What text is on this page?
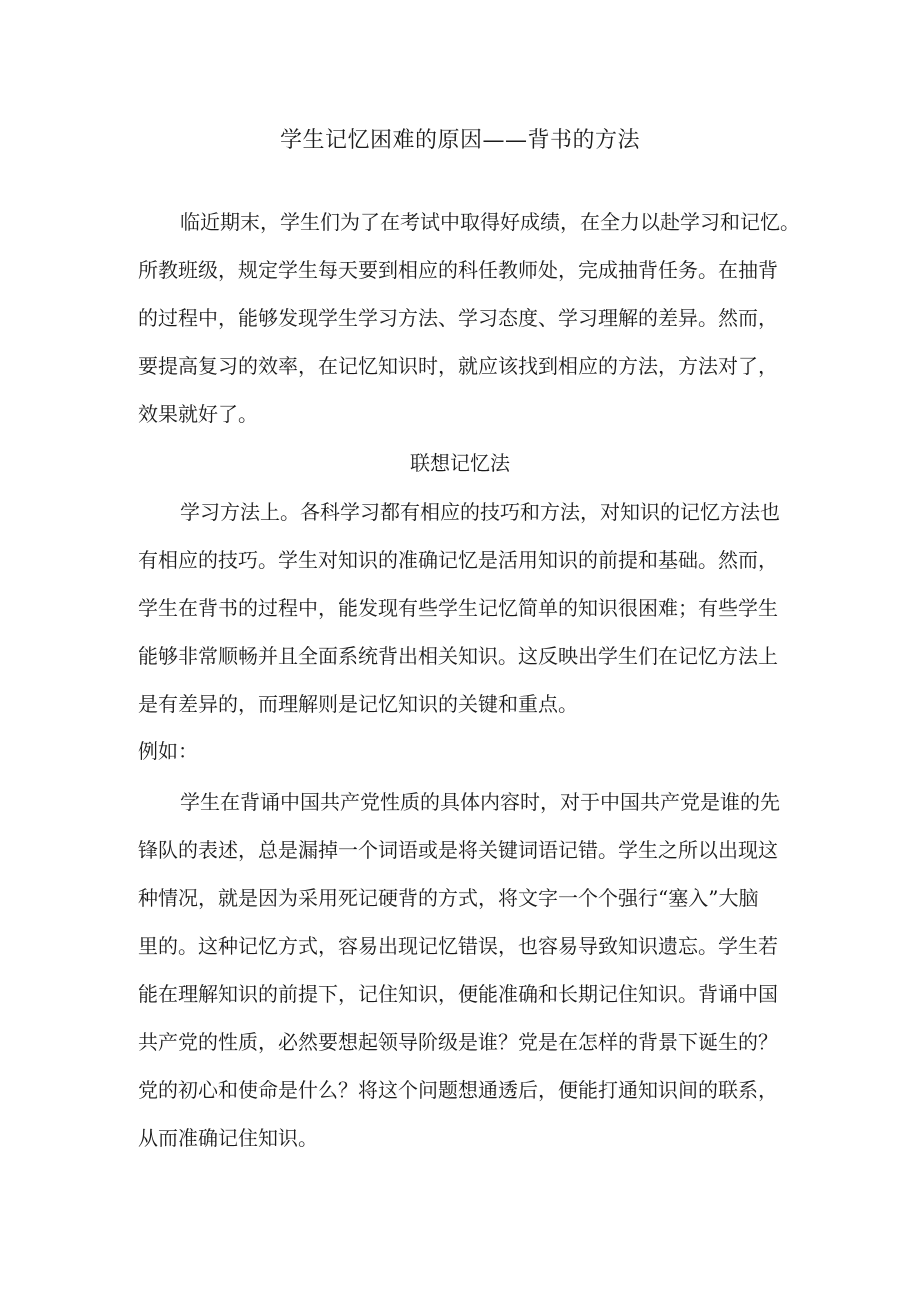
学生记忆困难的原因——背书的方法
临近期末，学生们为了在考试中取得好成绩，在全力以赴学习和记忆。
所教班级，规定学生每天要到相应的科任教师处，完成抽背任务。在抽背
的过程中，能够发现学生学习方法、学习态度、学习理解的差异。然而，
要提高复习的效率，在记忆知识时，就应该找到相应的方法，方法对了，
效果就好了。
联想记忆法
学习方法上。各科学习都有相应的技巧和方法，对知识的记忆方法也
有相应的技巧。学生对知识的准确记忆是活用知识的前提和基础。然而，
学生在背书的过程中，能发现有些学生记忆简单的知识很困难；有些学生
能够非常顺畅并且全面系统背出相关知识。这反映出学生们在记忆方法上
是有差异的，而理解则是记忆知识的关键和重点。
例如：
学生在背诵中国共产党性质的具体内容时，对于中国共产党是谁的先
锋队的表述，总是漏掉一个词语或是将关键词语记错。学生之所以出现这
种情况，就是因为采用死记硬背的方式，将文字一个个强行“塞入”大脑
里的。这种记忆方式，容易出现记忆错误，也容易导致知识遗忘。学生若
能在理解知识的前提下，记住知识，便能准确和长期记住知识。背诵中国
共产党的性质，必然要想起领导阶级是谁？党是在怎样的背景下诞生的？
党的初心和使命是什么？将这个问题想通透后，便能打通知识间的联系，
从而准确记住知识。
